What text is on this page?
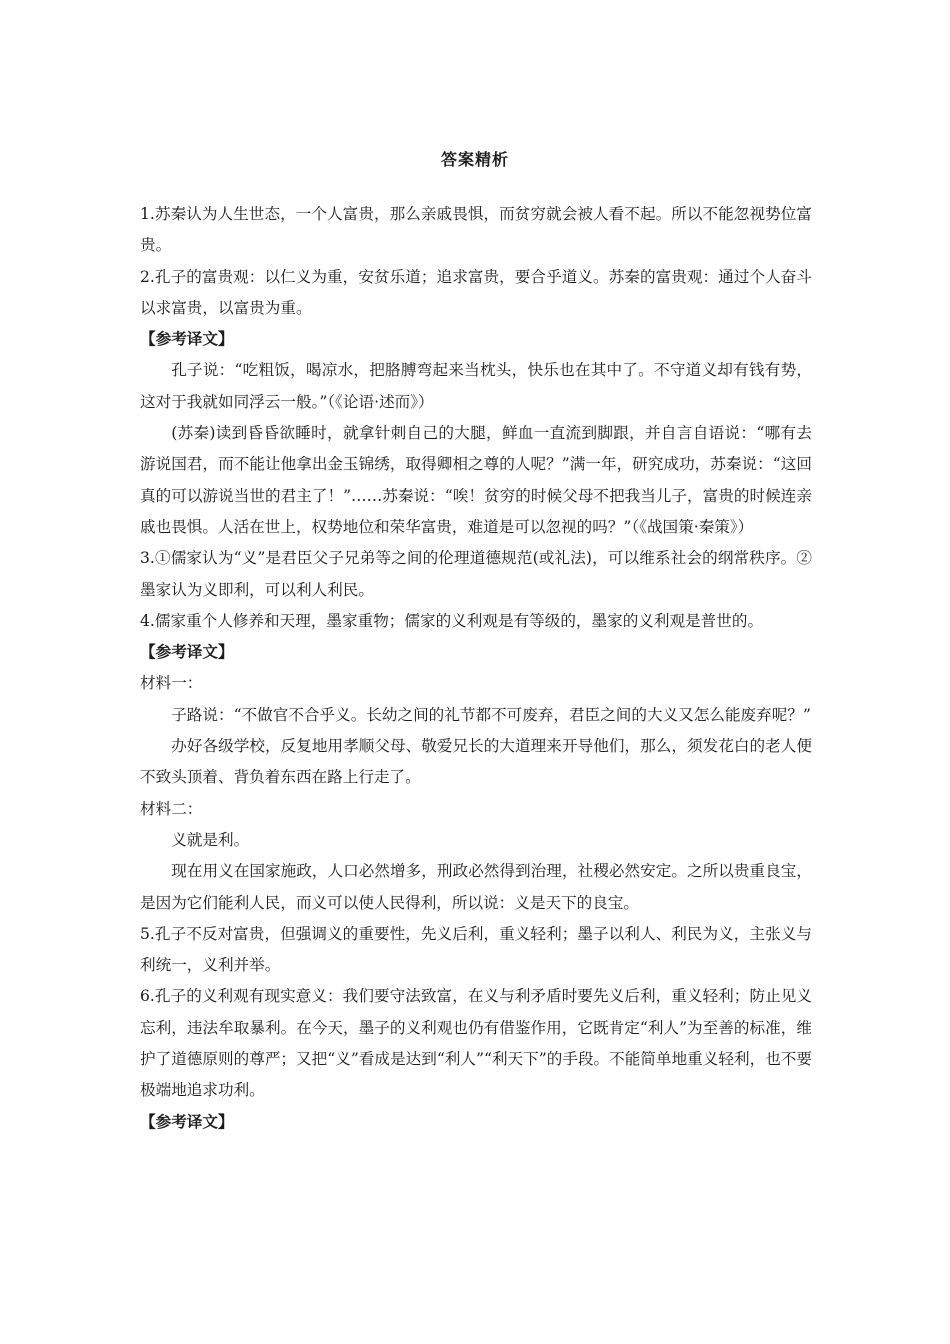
答案精析

1.苏秦认为人生世态，一个人富贵，那么亲戚畏惧，而贫穷就会被人看不起。所以不能忽视势位富贵。

2.孔子的富贵观：以仁义为重，安贫乐道；追求富贵，要合乎道义。苏秦的富贵观：通过个人奋斗以求富贵，以富贵为重。

【参考译文】

孔子说：“吃粗饭，喝凉水，把胳膊弯起来当枕头，快乐也在其中了。不守道义却有钱有势，这对于我就如同浮云一般。”（《论语·述而》）

(苏秦)读到昏昏欲睡时，就拿针刺自己的大腿，鲜血一直流到脚跟，并自言自语说：“哪有去游说国君，而不能让他拿出金玉锦绣，取得卿相之尊的人呢？”满一年，研究成功，苏秦说：“这回真的可以游说当世的君主了！”……苏秦说：“唉！贫穷的时候父母不把我当儿子，富贵的时候连亲戚也畏惧。人活在世上，权势地位和荣华富贵，难道是可以忽视的吗？”（《战国策·秦策》）

3.①儒家认为“义”是君臣父子兄弟等之间的伦理道德规范(或礼法)，可以维系社会的纲常秩序。②墨家认为义即利，可以利人利民。

4.儒家重个人修养和天理，墨家重物；儒家的义利观是有等级的，墨家的义利观是普世的。

【参考译文】

材料一：

子路说：“不做官不合乎义。长幼之间的礼节都不可废弃，君臣之间的大义又怎么能废弃呢？”

办好各级学校，反复地用孝顺父母、敬爱兄长的大道理来开导他们，那么，须发花白的老人便不致头顶着、背负着东西在路上行走了。

材料二：

义就是利。

现在用义在国家施政，人口必然增多，刑政必然得到治理，社稷必然安定。之所以贵重良宝，是因为它们能利人民，而义可以使人民得利，所以说：义是天下的良宝。

5.孔子不反对富贵，但强调义的重要性，先义后利，重义轻利；墨子以利人、利民为义，主张义与利统一，义利并举。

6.孔子的义利观有现实意义：我们要守法致富，在义与利矛盾时要先义后利，重义轻利；防止见义忘利，违法牟取暴利。在今天，墨子的义利观也仍有借鉴作用，它既肯定“利人”为至善的标准，维护了道德原则的尊严；又把“义”看成是达到“利人”“利天下”的手段。不能简单地重义轻利，也不要极端地追求功利。

【参考译文】
